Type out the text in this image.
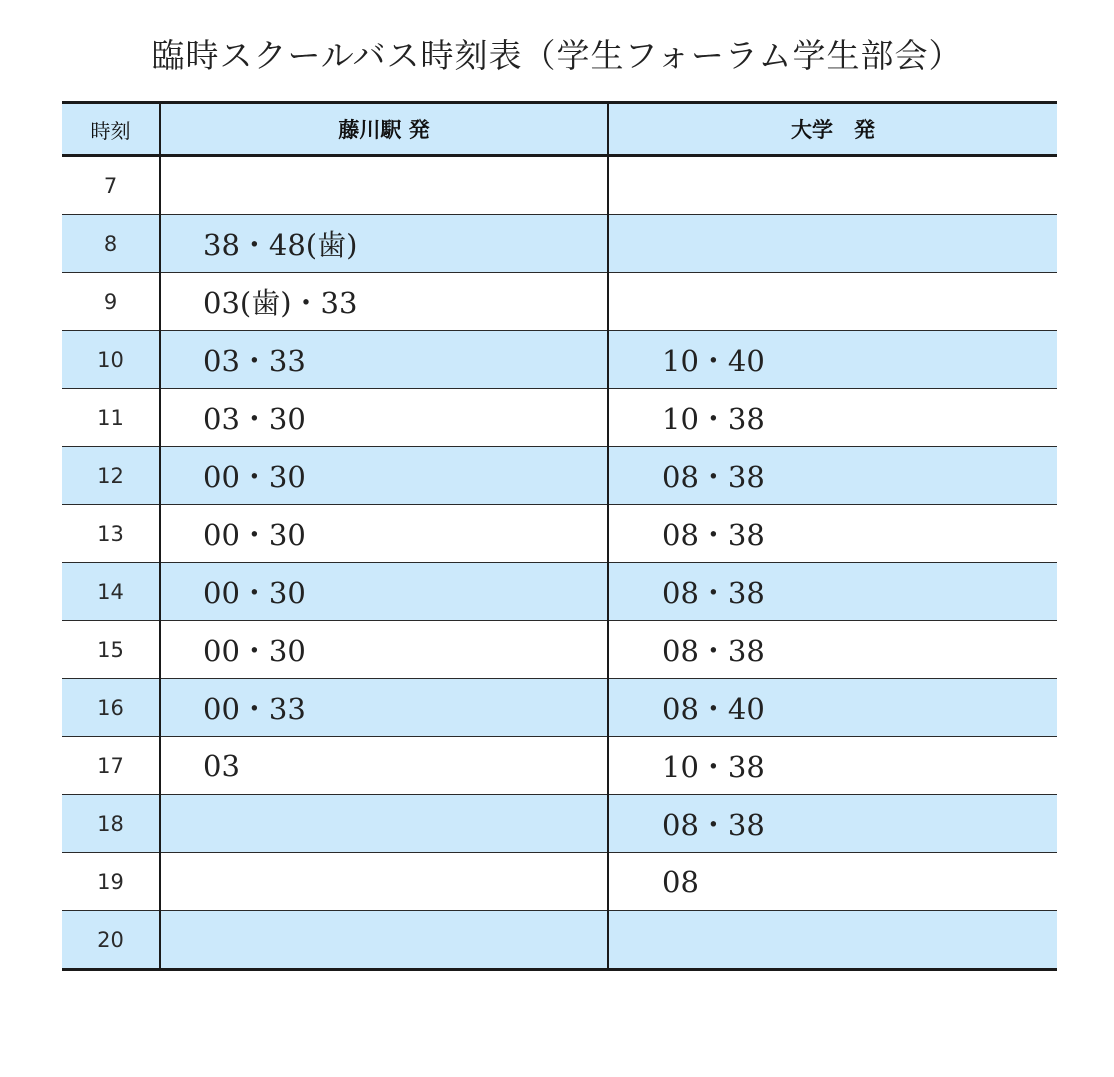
臨時スクールバス時刻表（学生フォーラム学生部会）
時刻	藤川駅 発	大学　発
7		
8	38・48(歯)	
9	03(歯)・33	
10	03・33	10・40
11	03・30	10・38
12	00・30	08・38
13	00・30	08・38
14	00・30	08・38
15	00・30	08・38
16	00・33	08・40
17	03	10・38
18		08・38
19		08
20		
